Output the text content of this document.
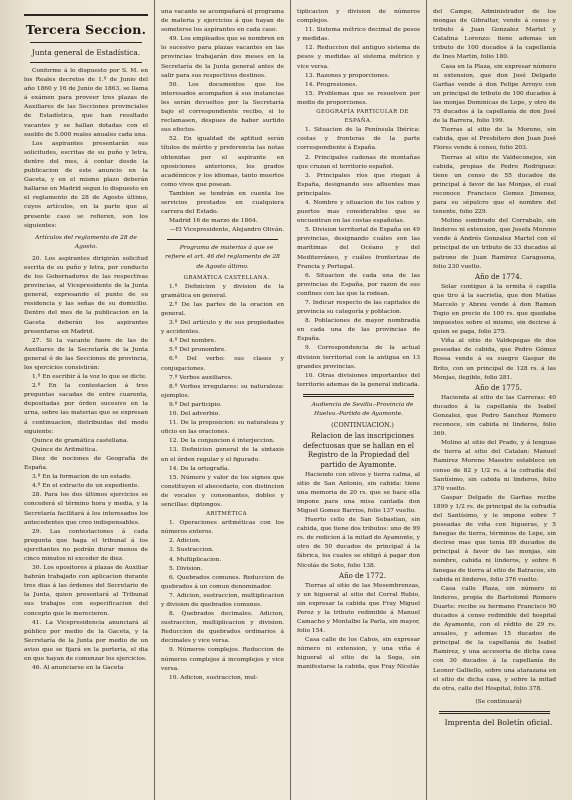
Tercera Seccion.
Junta general de Estadística.

Conforme á lo dispuesto por S. M. en los Reales decretos de 1.º de Junio del año 1860 y 16 de Junio de 1863, se llama á exámen para proveer tres plazas de Auxiliares de las Secciones provinciales de Estadística, que han resultado vacantes y se hallan dotadas con el sueldo de 5.000 reales anuales cada una.

Los aspirantes presentarán sus solicitudes, escritas de su puño y letra, dentro del mes, á contar desde la publicacion de este anuncio en la Gaceta, y en el mismo plazo deberán hallarse en Madrid segun lo dispuesto en el reglamento de 28 de Agosto último, cuyos artículos, en la parte que al presente caso se refieren, son los siguientes:

Artículos del reglamento de 28 de Agosto.

20. Los aspirantes dirigirán solicitud escrita de su puño y letra, por conducto de los Gobernadores de las respectivas provincias, al Vicepresidente de la Junta general, expresando el punto de su residencia y las señas de su domicilio. Dentro del mes de la publicacion en la Gaceta deberán los aspirantes presentarse en Madrid.

27. Si la vacante fuere de las de Auxiliares de la Secretaría de la Junta general ó de las Secciones de provincia, los ejercicios consistirán:

1.º En escribir á la voz lo que se dicte.

2.º En la contestacion á tres preguntas sacadas de entre cuarenta, depositadas por órden sucesivo en la urna, sobre las materias que se expresan á continuacion, distribuidas del modo siguiente:

Quince de gramática castellana.

Quince de Aritmética.

Diez de nociones de Geografía de España.

3.º En la formacion de un estado.

4.º En el extracto de un expediente.

28. Para los dos últimos ejercicios se concederá el término hora y media, y la Secretaría facilitará á los interesados los antecedentes que creo indispensables.

29. Las contestaciones á cada pregunta que haga el tribunal á los ejercitantes no podrán durar menos de cinco minutos ni exceder de diez.

30. Los opositores á plazas de Auxiliar habrán trabajado con aplicacion durante tres dias á las órdenes del Secretario de la Junta, quien presentará al Tribunal sus trabajos con especificacion del concepto que le merecieren.

41. La Vicepresidencia anunciará al público por medio de la Gaceta, y la Secretaría de la Junta por medio de un aviso que se fijará en la portería, el dia en que hayan de comenzar los ejercicios.

46. Al anunciarse en la Gaceta

una vacante se acompañará el programa de materia y ejercicios á que hayan de someterse los aspirantes en cada caso.

49. Los empleados que se nombren en lo sucesivo para plazas vacantes en las provincias trabajarán dos meses en la Secretaría de la Junta general antes de salir para sus respectivos destinos.

50. Los documentos que los interesados acompañen á sus instancias les serán devueltos por la Secretaría bajo el correspondiente recibo, si lo reclamasen, despues de haber surtido sus efectos.

52. En igualdad de aptitud serán títulos de mérito y preferencia las notas obtenidas por el aspirante en oposiciones anteriores, los grados académicos y los idiomas, tanto muertos como vivos que posean.

Tambien se tendrán en cuenta los servicios prestados en cualquiera carrera del Estado.

Madrid 16 de marzo de 1864.

—El Vicepresidente, Alejandro Oliván.

Programa de materias á que se refiere el art. 46 del reglamento de 28 de Agosto último.

GRAMÁTICA CASTELLANA.

1.º Definicion y division de la gramática en general.

2.º De las partes de la oracion en general.

3.º Del artículo y de sus propiedades y accidentes.

4.º Del nombre.

5.º Del pronombre.

6.º Del verbo: sus clases y conjugaciones.

7.º Verbos auxiliares.

8.º Verbos irregulares: su naturaleza: ejemplos.

9.º Del participio.

10. Del adverbio.

11. De la preposicion: su naturaleza y oficio en las oraciones.

12. De la conjuncion é interjeccion.

13. Definicion general de la sintaxis en el órden regular y el figurado.

14. De la ortografía.

15. Número y valor de los signos que constituyen el abecedario, con distincion de vocales y consonantes, dobles y sencillas: diptongos.

ARITMÉTICA

1. Operaciones aritméticas con los números enteros.

2. Adicion.

3. Sustraccion.

4. Multiplicacion.

5. Division.

6. Quebrados comunes. Reduccion de quebrados á un comun denominador.

7. Adicion, sustraccion, multiplicacion y division de quebrados comunes.

8. Quebrados decimales. Adicion, sustraccion, multiplicacion y division. Reduccion de quebrados ordinarios á decimales y vice versa.

9. Números complejos. Reduccion de números complejos á incomplejos y vice versa.

10. Adicion, sustraccion, mul-

tiplicacion y division de números complejos.

11. Sistema métrico decimal de pesos y medidas.

12. Reduccion del antiguo sistema de pesos y medidas al sistema métrico y vice versa.

13. Razones y proporciones.

14. Progresiones.

15. Problemas que se resuelven por medio de proporciones.

GEOGRAFÍA PARTICULAR DE ESPAÑA.

1. Situacion de la Península Ibérica: costas y fronteras de la parte correspondiente á España.

2. Principales cadenas de montañas que cruzan el territorio español.

3. Principales ríos que riegan á España, designando sus afluentes mas principales.

4. Nombre y situacion de los cabos y puertos mas considerables que se encuentran en las costas españolas.

5. Division territorial de España en 49 provincias, designando cuáles son las marítimas del Océano y del Mediterráneo, y cuáles fronterizas de Francia y Portugal.

6. Situacion de cada una de las provincias de España, por razon de sus confines con las que la rodean.

7. Indicar respecto de las capitales de provincia su categoría y poblacion.

8. Poblaciones de mayor nombradía en cada una de las provincias de España.

9. Correspondencia de la actual division territorial con la antigua en 13 grandes provincias.

10. Otras divisiones importantes del territorio ademas de la general indicada.

Audiencia de Sevilla.-Provincia de Huelva.-Partido de Ayamonte.

(CONTINUACION.)

Relacion de las inscripciones defectuosas que se hallan en el Registro de la Propiedad del partido de Ayamonte.

Haciendo con olivos y tierra calma, al sitio de San Antonio, sin cabida: tiene una memoria de 20 rs. que se hace ella impone para una misa cantada don Miguel Gomez Barrios, folio 137 vuelto.

Huerto cello de San Sebastian, sin cabida, que tiene dos tributos: uno de 99 rs. de redicion á la mitad de Ayamonte, y otro de 50 ducados de principal á la fábrica, los cuales se obligó á pagar don Nicolás de Soto, folio 138.

Año de 1772.

Tierras al sitio de las Mesembrenzas, y un higueral al sitio del Corral Rubio, sin expresar la cabida que Fray Miguel Perez y la tributo redimible á Manuel Camacho y Montalbo la Parla, sin mayor, folio 154.

Casa calle de los Cabos, sin expresar número ni extension, y una viña é higueral al sitio de la Soga, sin manifestarse la cabida, que Fray Nicolás

del Campo, Administrador de los mongas de Gibraltar, vende á censo y tributo á Juan Gonzalez Martel y Catalina Lorenzo: tiene ademas un tributo de 100 ducados á la capellanía de Ines Martin, folio 180.

Casa en la Plaza, sin expresar número ni extension, que don José Delgado Garfias vende á don Felipe Arroyo con un principal de tributo de 100 ducados á las monjas Dominicas de Lepe, y otro de 75 ducados á la capellanía de don José de la Barrera, folio 199.

Tierras al sitio de la Moreno, sin cabida, que el Presbítero don Juan José Flores vende á censo, folio 203.

Tierras al sitio de Valdeconejos, sin cabida, propias de Pedro Rodriguez: tiene un censo de 55 ducados de principal á favor de las Monjas, el cual reconoce Francisco Gomez Jimenez, para su sépulcro que el nombre del tenente, folio 229.

Molino sombrado del Corrabalo, sin linderos ni extension, que Josefa Moreno vende á Andrés Gonzalez Martel con el principal de un tributo de 33 ducados al patrono de Juan Ramirez Caraguena, folio 230 vuelto.

Año de 1774.

Solar contiguo á la ermita ó capilla que tiro á la sacristía, que don Matías Marcelo y Abreu vende á don Ramon Togio en precio de 100 rs. que quedaba impuestos sobre el mismo, sin decirse á quien se paga, folio 275.

Viña al sitio de Valdepegas de dos poseadas de cabida, que Pedro Gómez Rossa vende á su suegro Gaspar de Brito, con un principal de 128 rs. á las Monjas, ilegible, folio 281.

Año de 1775.

Hacienda al sitio de las Carreras: 40 ducados á la capellanía de Isabel Gonzalez, que Pedro Sanchez Romero reconoce, sin cabida ni linderos, folio 369.

Molino al sitio del Prado, y á lenguas de tierra al sitio del Catalan: Manuel Ramirez Moreno Maestre establece un censo de 82 y 1/2 rs. á la cofradía del Santísimo, sin cabida ni linderos, folio 370 vuelto.

Gaspar Delgado de Garfias recibe 1899 y 1/2 rs. de principal de la cofradía del Santísimo, y le impone sobre 7 poseadas de viña con higueras, y 5 fanegas de tierra, términos de Lepe, sin decirse mas que tenia 89 ducados de principal á favor de las monjas, sin nombre, cabida ni linderos, y sobre 6 fanegas de tierra al sitio de Batracos, sin cabida ni linderos, folio 376 vuelto.

Casa calle Plaza, sin número ni linderos, propia de Bartolomé Romero Duarte: recibe su hermano Francisco 90 ducados á censo redimible del hospital de Ayamonte, con el rédito de 29 rs. anuales, y ademas 15 ducados de principal de la capellanía de Isabel Ramirez, y una accesoria de dicha casa con 30 ducados á la capellanía de Leonor Galliello, sobre una atarazana en el sitio de dicha casa, y sobre la mitad de otra, calle del Hospital, folio 378.

(Se continuará)

Imprenta del Boletín oficial.
